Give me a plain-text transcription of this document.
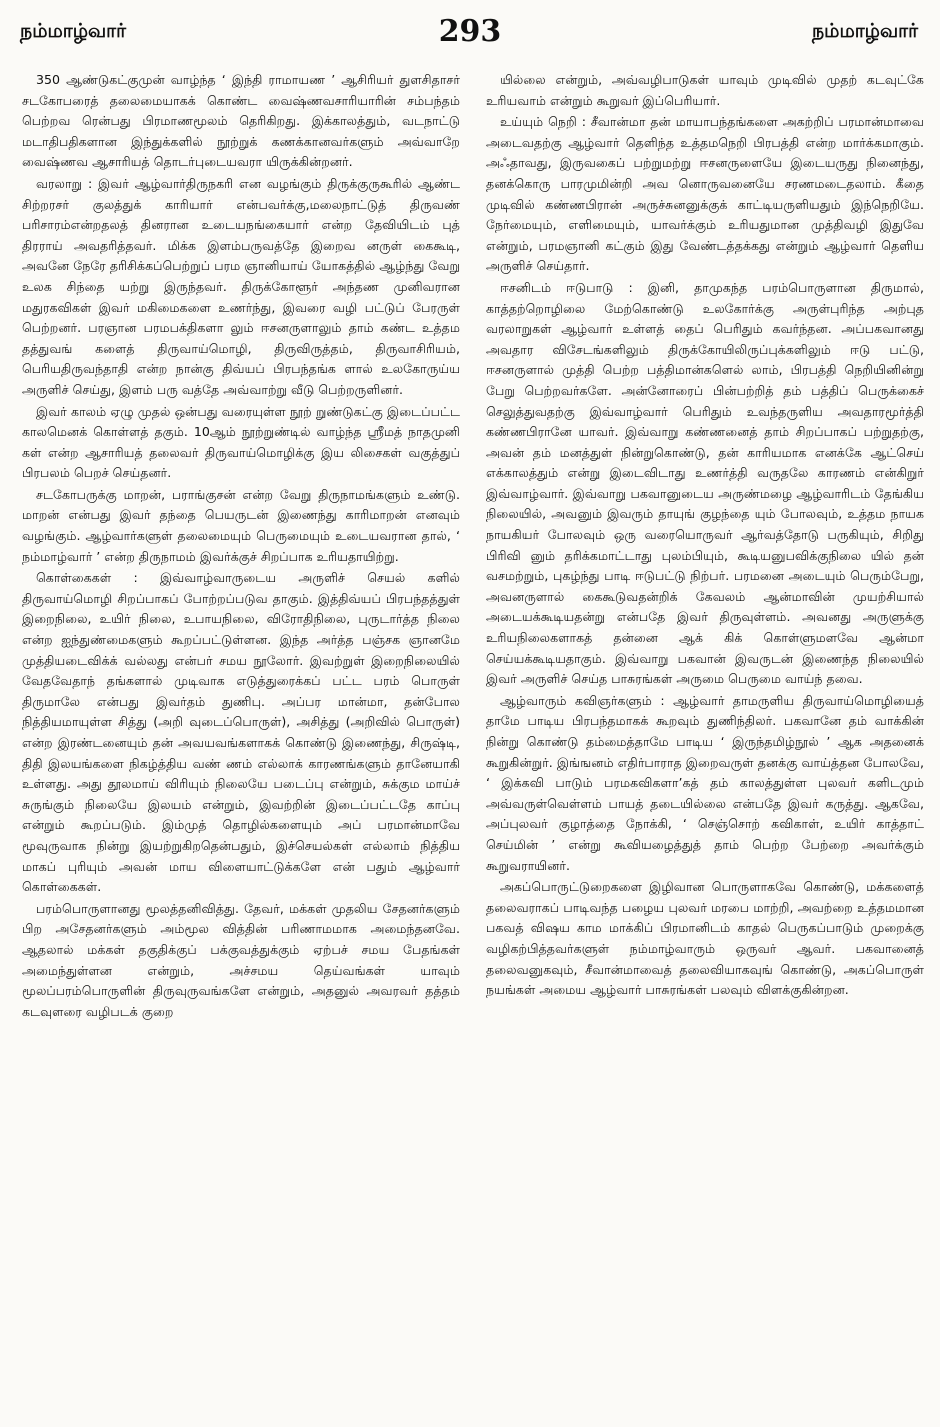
நம்மாழ்வார்	293	நம்மாழ்வார்

350 ஆண்டுகட்குமுன் வாழ்ந்த ‘ இந்தி ராமாயண ’ ஆசிரியர் துளசிதாசர் சடகோபரைத் தலைமையாகக் கொண்ட வைஷ்ணவசாரியாரின் சம்பந்தம் பெற்றவ ரென்பது பிரமாணமூலம் தெரிகிறது. இக்காலத்தும், வடநாட்டு மடாதிபதிகளான இந்துக்களில் நூற்றுக் கணக்கானவர்களும் அவ்வாறே வைஷ்ணவ ஆசாரியத் தொடர்புடையவரா யிருக்கின்றனர்.

வரலாறு : இவர் ஆழ்வார்திருநகரி என வழங்கும் திருக்குருகூரில் ஆண்ட சிற்றரசர் குலத்துக் காரியார் என்பவர்க்கு,மலைநாட்டுத் திருவண் பரிசாரம்என்றதலத் தினரான உடையநங்கையார் என்ற தேவியிடம் புத் திரராய் அவதரித்தவர். மிக்க இளம்பருவத்தே இறைவ னருள் கைகூடி, அவனே நேரே தரிசிக்கப்பெற்றுப் பரம ஞானியாய் யோகத்தில் ஆழ்ந்து வேறு உலக சிந்தை யற்று இருந்தவர். திருக்கோளூர் அந்தண முனிவரான மதுரகவிகள் இவர் மகிமைகளை உணர்ந்து, இவரை வழி பட்டுப் பேரருள் பெற்றனர். பரஞான பரமபக்திகளா லும் ஈசனருளாலும் தாம் கண்ட உத்தம தத்துவங் களைத் திருவாய்மொழி, திருவிருத்தம், திருவாசிரியம், பெரியதிருவந்தாதி என்ற நான்கு திவ்யப் பிரபந்தங்க ளால் உலகோருய்ய அருளிச் செய்து, இளம் பரு வத்தே அவ்வாற்று வீடு பெற்றருளினர்.

இவர் காலம் ஏழு முதல் ஒன்பது வரையுள்ள நூற் றுண்டுகட்கு இடைப்பட்ட காலமெனக் கொள்ளத் தகும். 10ஆம் நூற்றுண்டில் வாழ்ந்த ஸ்ரீமத் நாதமுனி கள் என்ற ஆசாரியத் தலைவர் திருவாய்மொழிக்கு இய லிசைகள் வகுத்துப் பிரபலம் பெறச் செய்தனர்.

சடகோபருக்கு மாறன், பராங்குசன் என்ற வேறு திருநாமங்களும் உண்டு. மாறன் என்பது இவர் தந்தை பெயருடன் இணைந்து காரிமாறன் எனவும் வழங்கும். ஆழ்வார்களுள் தலைமையும் பெருமையும் உடையவரான தால், ‘ நம்மாழ்வார் ’ என்ற திருநாமம் இவர்க்குச் சிறப்பாக உரியதாயிற்று.

கொள்கைகள் : இவ்வாழ்வாருடைய அருளிச் செயல் களில் திருவாய்மொழி சிறப்பாகப் போற்றப்படுவ தாகும். இத்திவ்யப் பிரபந்தத்துள் இறைநிலை, உயிர் நிலை, உபாயநிலை, விரோதிநிலை, புருடார்த்த நிலை என்ற ஐந்துண்மைகளும் கூறப்பட்டுள்ளன. இந்த அர்த்த பஞ்சக ஞானமே முத்தியடைவிக்க் வல்லது என்பர் சமய நூலோர். இவற்றுள் இறைநிலையில் வேதவேதாந் தங்களால் முடிவாக எடுத்துரைக்கப் பட்ட பரம் பொருள் திருமாலே என்பது இவர்தம் துணிபு. அப்பர மான்மா, தன்போல நித்தியமாயுள்ள சித்து (அறி வுடைப்பொருள்), அசித்து (அறிவில் பொருள்) என்ற இரண்டனையும் தன் அவயவங்களாகக் கொண்டு இணைந்து, சிருஷ்டி, திதி இலயங்களை நிகழ்த்திய வண் ணம் எல்லாக் காரணங்களும் தானேயாகி உள்ளது. அது தூலமாய் விரியும் நிலையே படைப்பு என்றும், சுக்கும மாய்ச் சுருங்கும் நிலையே இலயம் என்றும், இவற்றின் இடைப்பட்டதே காப்பு என்றும் கூறப்படும். இம்முத் தொழில்களையும் அப் பரமான்மாவே மூவுருவாக நின்று இயற்றுகிறதென்பதும், இச்செயல்கள் எல்லாம் நித்திய மாகப் புரியும் அவன் மாய விளையாட்டுக்களே என் பதும் ஆழ்வார் கொள்கைகள்.

பரம்பொருளானது மூலத்தனிவித்து. தேவர், மக்கள் முதலிய சேதனர்களும் பிற அசேதனர்களும் அம்மூல வித்தின் பரிணாமமாக அமைந்தனவே. ஆதலால் மக்கள் தகுதிக்குப் பக்குவத்துக்கும் ஏற்பச் சமய பேதங்கள் அமைந்துள்ளன என்றும், அச்சமய தெய்வங்கள் யாவும் மூலப்பரம்பொருளின் திருவுருவங்களே என்றும், அதனுல் அவரவர் தத்தம் கடவுளரை வழிபடக் குறை

யில்லை என்றும், அவ்வழிபாடுகள் யாவும் முடிவில் முதற் கடவுட்கே உரியவாம் என்றும் கூறுவர் இப்பெரியார்.

உய்யும் நெறி : சீவான்மா தன் மாயாபந்தங்களை அகற்றிப் பரமான்மாவை அடைவதற்கு ஆழ்வார் தெளிந்த உத்தமநெறி பிரபத்தி என்ற மார்க்கமாகும். அஃதாவது, இருவகைப் பற்றுமற்று ஈசனருளையே இடையருது நினைந்து, தனக்கொரு பாரமுமின்றி அவ னொருவனையே சரணமடைதலாம். கீதை முடிவில் கண்ணபிரான் அருச்சுனனுக்குக் காட்டியருளியதும் இந்நெறியே. நேர்மையும், எளிமையும், யாவர்க்கும் உரியதுமான முத்திவழி இதுவே என்றும், பரமஞானி கட்கும் இது வேண்டத்தக்கது என்றும் ஆழ்வார் தெளிய அருளிச் செய்தார்.

ஈசனிடம் ஈடுபாடு : இனி, தாமுகந்த பரம்பொருளான திருமால், காத்தற்றொழிலை மேற்கொண்டு உலகோர்க்கு அருள்புரிந்த அற்புத வரலாறுகள் ஆழ்வார் உள்ளத் தைப் பெரிதும் கவர்ந்தன. அப்பகவானது அவதார விசேடங்களிலும் திருக்கோயிலிருப்புக்களிலும் ஈடு பட்டு, ஈசனருளால் முத்தி பெற்ற பத்திமான்களெல் லாம், பிரபத்தி நெறியினின்று பேறு பெற்றவர்களே. அன்னோரைப் பின்பற்றித் தம் பத்திப் பெருக்கைச் செலுத்துவதற்கு இவ்வாழ்வார் பெரிதும் உவந்தருளிய அவதாரமூர்த்தி கண்ணபிரானே யாவர். இவ்வாறு கண்ணனைத் தாம் சிறப்பாகப் பற்றுதற்கு, அவன் தம் மனத்துள் நின்றுகொண்டு, தன் காரியமாக எனக்கே ஆட்செய் எக்காலத்தும் என்று இடைவிடாது உணர்த்தி வருதலே காரணம் என்கிறுர் இவ்வாழ்வார். இவ்வாறு பகவானுடைய அருண்மழை ஆழ்வாரிடம் தேங்கிய நிலையில், அவனும் இவரும் தாயுங் குழந்தை யும் போலவும், உத்தம நாயக நாயகியர் போலவும் ஒரு வரையொருவர் ஆர்வத்தோடு பருகியும், சிறிது பிரிவி னும் தரிக்கமாட்டாது புலம்பியும், கூடியனுபவிக்குநிலை யில் தன் வசமற்றும், புகழ்ந்து பாடி ஈடுபட்டு நிற்பர். பரமனை அடையும் பெரும்பேறு, அவனருளால் கைகூடுவதன்றிக் கேவலம் ஆன்மாவின் முயற்சியால் அடையக்கூடியதன்று என்பதே இவர் திருவுள்ளம். அவனது அருளுக்கு உரியநிலைகளாகத் தன்னை ஆக் கிக் கொள்ளுமளவே ஆன்மா செய்யக்கூடியதாகும். இவ்வாறு பகவான் இவருடன் இணைந்த நிலையில் இவர் அருளிச் செய்த பாசுரங்கள் அருமை பெருமை வாய்ந் தவை.

ஆழ்வாரும் கவிஞர்களும் : ஆழ்வார் தாமருளிய திருவாய்மொழியைத் தாமே பாடிய பிரபந்தமாகக் கூறவும் துணிந்திலர். பகவானே தம் வாக்கின் நின்று கொண்டு தம்மைத்தாமே பாடிய ‘ இருந்தமிழ்நூல் ’ ஆக அதனைக் கூறுகின்றுர். இங்ஙனம் எதிர்பாராத இறைவருள் தனக்கு வாய்த்தன போலவே, ‘ இக்கவி பாடும் பரமகவிகளா’கத் தம் காலத்துள்ள புலவர் களிடமும் அவ்வருள்வெள்ளம் பாயத் தடையில்லை என்பதே இவர் கருத்து. ஆகவே, அப்புலவர் குழாத்தை நோக்கி, ‘ செஞ்சொற் கவிகாள், உயிர் காத்தாட் செய்மின் ’ என்று கூவியழைத்துத் தாம் பெற்ற பேற்றை அவர்க்கும் கூறுவராயினர்.

அகப்பொருட்டுறைகளை இழிவான பொருளாகவே கொண்டு, மக்களைத் தலைவராகப் பாடிவந்த பழைய புலவர் மரபை மாற்றி, அவற்றை உத்தமமான பகவத் விஷய காம மாக்கிப் பிரமானிடம் காதல் பெருகப்பாடும் முறைக்கு வழிகற்பித்தவர்களுள் நம்மாழ்வாரும் ஒருவர் ஆவர். பகவானைத் தலைவனுகவும், சீவான்மாவைத் தலைவியாகவுங் கொண்டு, அகப்பொருள் நயங்கள் அமைய ஆழ்வார் பாசுரங்கள் பலவும் விளக்குகின்றன.
